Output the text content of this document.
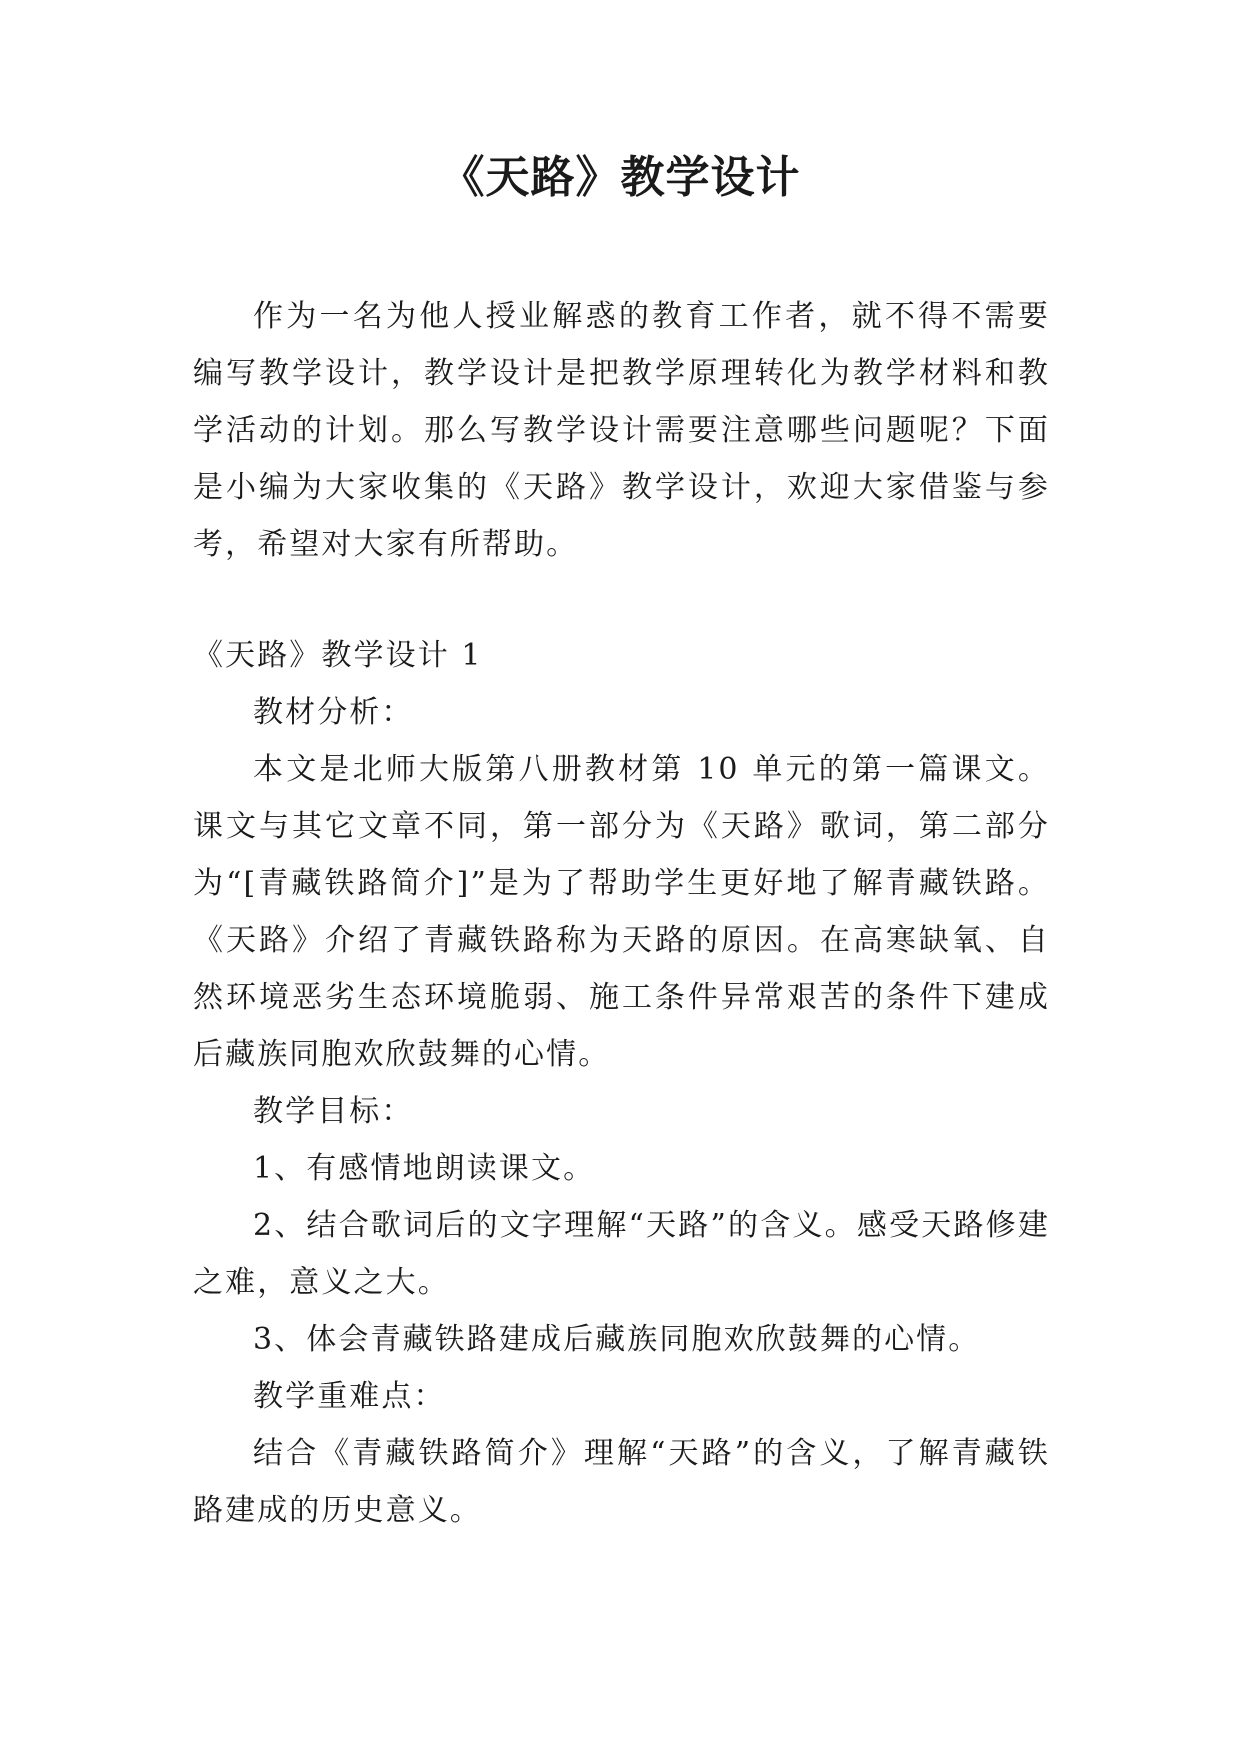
《天路》教学设计

作为一名为他人授业解惑的教育工作者，就不得不需要编写教学设计，教学设计是把教学原理转化为教学材料和教学活动的计划。那么写教学设计需要注意哪些问题呢？下面是小编为大家收集的《天路》教学设计，欢迎大家借鉴与参考，希望对大家有所帮助。

《天路》教学设计 1

教材分析：

本文是北师大版第八册教材第 10 单元的第一篇课文。课文与其它文章不同，第一部分为《天路》歌词，第二部分为“[青藏铁路简介]”是为了帮助学生更好地了解青藏铁路。《天路》介绍了青藏铁路称为天路的原因。在高寒缺氧、自然环境恶劣生态环境脆弱、施工条件异常艰苦的条件下建成后藏族同胞欢欣鼓舞的心情。

教学目标：

1、有感情地朗读课文。

2、结合歌词后的文字理解“天路”的含义。感受天路修建之难，意义之大。

3、体会青藏铁路建成后藏族同胞欢欣鼓舞的心情。

教学重难点：

结合《青藏铁路简介》理解“天路”的含义，了解青藏铁路建成的历史意义。
